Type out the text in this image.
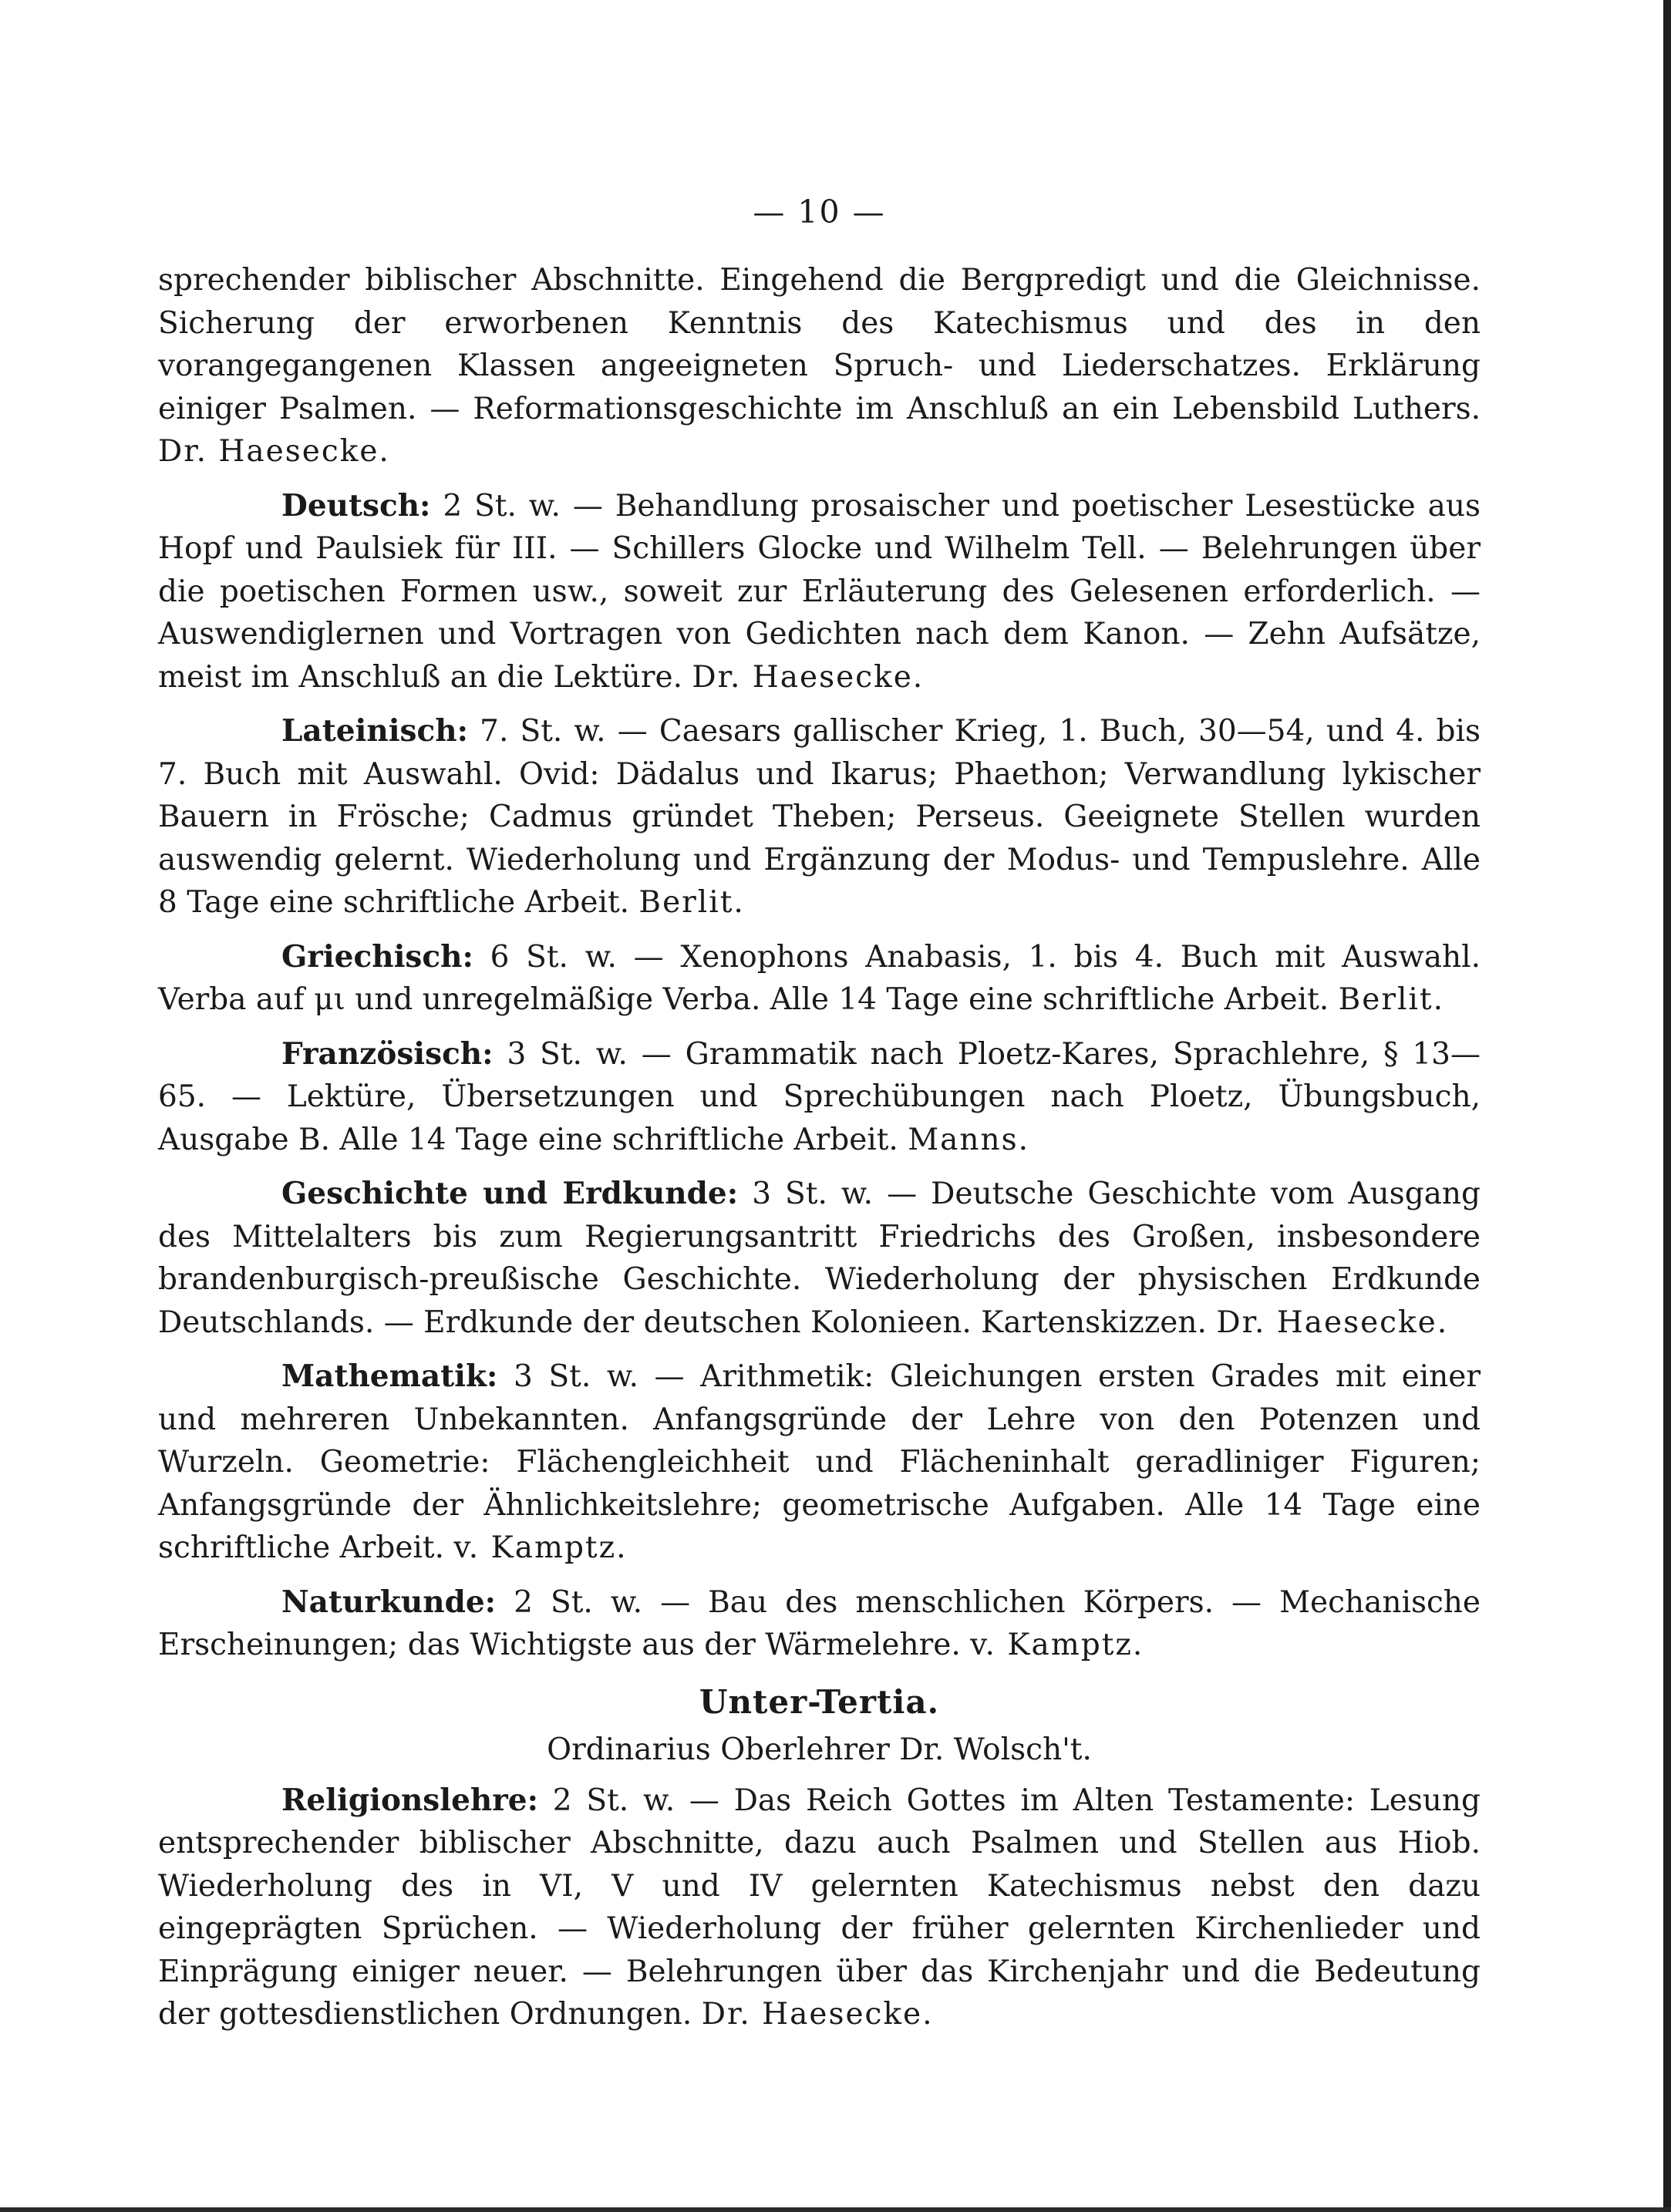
— 10 —

sprechender biblischer Abschnitte. Eingehend die Bergpredigt und die Gleichnisse. Sicherung der erworbenen Kenntnis des Katechismus und des in den vorangegangenen Klassen angeeigneten Spruch- und Liederschatzes. Erklärung einiger Psalmen. — Reformationsgeschichte im Anschluß an ein Lebensbild Luthers. Dr. Haesecke.

Deutsch: 2 St. w. — Behandlung prosaischer und poetischer Lesestücke aus Hopf und Paulsiek für III. — Schillers Glocke und Wilhelm Tell. — Belehrungen über die poetischen Formen usw., soweit zur Erläuterung des Gelesenen erforderlich. — Auswendiglernen und Vortragen von Gedichten nach dem Kanon. — Zehn Aufsätze, meist im Anschluß an die Lektüre. Dr. Haesecke.

Lateinisch: 7. St. w. — Caesars gallischer Krieg, 1. Buch, 30—54, und 4. bis 7. Buch mit Auswahl. Ovid: Dädalus und Ikarus; Phaethon; Verwandlung lykischer Bauern in Frösche; Cadmus gründet Theben; Perseus. Geeignete Stellen wurden auswendig gelernt. Wiederholung und Ergänzung der Modus- und Tempuslehre. Alle 8 Tage eine schriftliche Arbeit. Berlit.

Griechisch: 6 St. w. — Xenophons Anabasis, 1. bis 4. Buch mit Auswahl. Verba auf μι und unregelmäßige Verba. Alle 14 Tage eine schriftliche Arbeit. Berlit.

Französisch: 3 St. w. — Grammatik nach Ploetz-Kares, Sprachlehre, § 13—65. — Lektüre, Übersetzungen und Sprechübungen nach Ploetz, Übungsbuch, Ausgabe B. Alle 14 Tage eine schriftliche Arbeit. Manns.

Geschichte und Erdkunde: 3 St. w. — Deutsche Geschichte vom Ausgang des Mittelalters bis zum Regierungsantritt Friedrichs des Großen, insbesondere brandenburgisch-preußische Geschichte. Wiederholung der physischen Erdkunde Deutschlands. — Erdkunde der deutschen Kolonieen. Kartenskizzen. Dr. Haesecke.

Mathematik: 3 St. w. — Arithmetik: Gleichungen ersten Grades mit einer und mehreren Unbekannten. Anfangsgründe der Lehre von den Potenzen und Wurzeln. Geometrie: Flächengleichheit und Flächeninhalt geradliniger Figuren; Anfangsgründe der Ähnlichkeitslehre; geometrische Aufgaben. Alle 14 Tage eine schriftliche Arbeit. v. Kamptz.

Naturkunde: 2 St. w. — Bau des menschlichen Körpers. — Mechanische Erscheinungen; das Wichtigste aus der Wärmelehre. v. Kamptz.

Unter-Tertia.
Ordinarius Oberlehrer Dr. Wolsch't.

Religionslehre: 2 St. w. — Das Reich Gottes im Alten Testamente: Lesung entsprechender biblischer Abschnitte, dazu auch Psalmen und Stellen aus Hiob. Wiederholung des in VI, V und IV gelernten Katechismus nebst den dazu eingeprägten Sprüchen. — Wiederholung der früher gelernten Kirchenlieder und Einprägung einiger neuer. — Belehrungen über das Kirchenjahr und die Bedeutung der gottesdienstlichen Ordnungen. Dr. Haesecke.
